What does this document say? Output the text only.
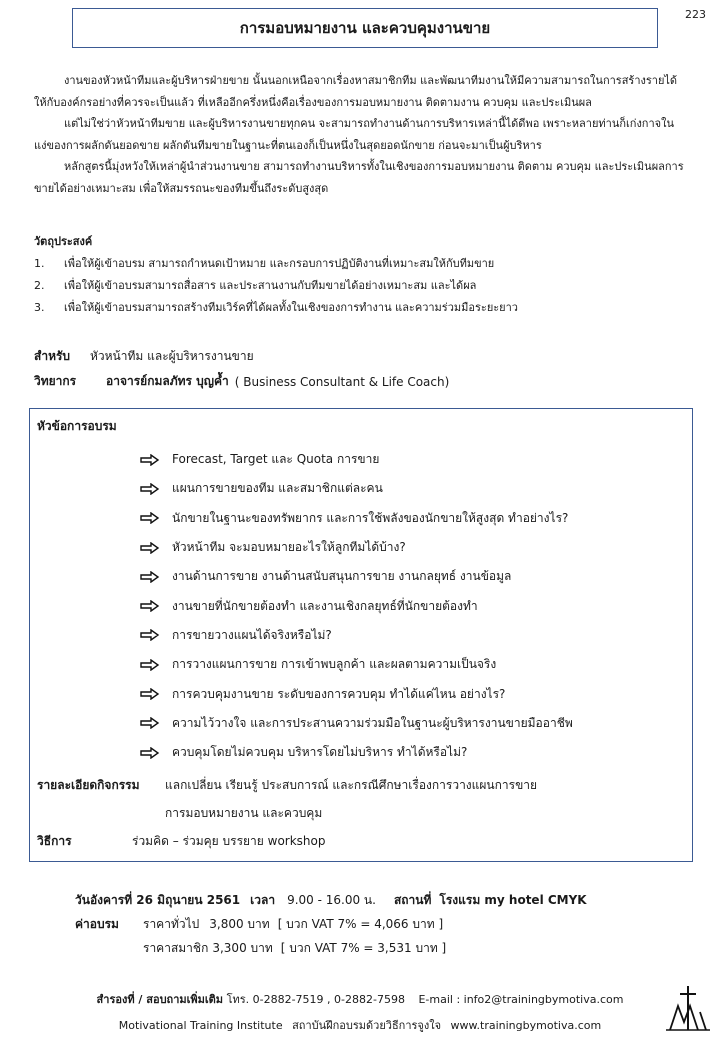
223
การมอบหมายงาน และควบคุมงานขาย

งานของหัวหน้าทีมและผู้บริหารฝ่ายขาย นั้นนอกเหนือจากเรื่องหาสมาชิกทีม และพัฒนาทีมงานให้มีความสามารถในการสร้างรายได้ให้กับองค์กรอย่างที่ควรจะเป็นแล้ว ที่เหลืออีกครึ่งหนึ่งคือเรื่องของการมอบหมายงาน ติดตามงาน ควบคุม และประเมินผล

แต่ไม่ใช่ว่าหัวหน้าทีมขาย และผู้บริหารงานขายทุกคน จะสามารถทำงานด้านการบริหารเหล่านี้ได้ดีพอ เพราะหลายท่านก็เก่งกาจในแง่ของการผลักดันยอดขาย ผลักดันทีมขายในฐานะที่ตนเองก็เป็นหนึ่งในสุดยอดนักขาย ก่อนจะมาเป็นผู้บริหาร

หลักสูตรนี้มุ่งหวังให้เหล่าผู้นำส่วนงานขาย สามารถทำงานบริหารทั้งในเชิงของการมอบหมายงาน ติดตาม ควบคุม และประเมินผลการขายได้อย่างเหมาะสม เพื่อให้สมรรถนะของทีมขึ้นถึงระดับสูงสุด

วัตถุประสงค์
1.	เพื่อให้ผู้เข้าอบรม สามารถกำหนดเป้าหมาย และกรอบการปฏิบัติงานที่เหมาะสมให้กับทีมขาย
2.	เพื่อให้ผู้เข้าอบรมสามารถสื่อสาร และประสานงานกับทีมขายได้อย่างเหมาะสม และได้ผล
3.	เพื่อให้ผู้เข้าอบรมสามารถสร้างทีมเวิร์คที่ได้ผลทั้งในเชิงของการทำงาน และความร่วมมือระยะยาว
สำหรับ	หัวหน้าทีม และผู้บริหารงานขาย
วิทยากร	อาจารย์กมลภัทร บุญค้ำ ( Business Consultant & Life Coach)
หัวข้อการอบรม
Forecast, Target และ Quota การขาย
แผนการขายของทีม และสมาชิกแต่ละคน
นักขายในฐานะของทรัพยากร และการใช้พลังของนักขายให้สูงสุด ทำอย่างไร?
หัวหน้าทีม จะมอบหมายอะไรให้ลูกทีมได้บ้าง?
งานด้านการขาย งานด้านสนับสนุนการขาย งานกลยุทธ์ งานข้อมูล
งานขายที่นักขายต้องทำ และงานเชิงกลยุทธ์ที่นักขายต้องทำ
การขายวางแผนได้จริงหรือไม่?
การวางแผนการขาย การเข้าพบลูกค้า และผลตามความเป็นจริง
การควบคุมงานขาย ระดับของการควบคุม ทำได้แค่ไหน อย่างไร?
ความไว้วางใจ และการประสานความร่วมมือในฐานะผู้บริหารงานขายมืออาชีพ
ควบคุมโดยไม่ควบคุม บริหารโดยไม่บริหาร ทำได้หรือไม่?
รายละเอียดกิจกรรม	แลกเปลี่ยน เรียนรู้ ประสบการณ์ และกรณีศึกษาเรื่องการวางแผนการขาย
การมอบหมายงาน และควบคุม
วิธีการ	ร่วมคิด – ร่วมคุย บรรยาย workshop
วันอังคารที่ 26 มิถุนายน 2561 เวลา 9.00 - 16.00 น. สถานที่ โรงแรม my hotel CMYK
ค่าอบรม	ราคาทั่วไป 3,800 บาท [ บวก VAT 7% = 4,066 บาท ]
ราคาสมาชิก 3,300 บาท [ บวก VAT 7% = 3,531 บาท ]
สำรองที่ / สอบถามเพิ่มเติม โทร. 0-2882-7519 , 0-2882-7598 E-mail : info2@trainingbymotiva.com
Motivational Training Institute สถาบันฝึกอบรมด้วยวิธีการจูงใจ www.trainingbymotiva.com
